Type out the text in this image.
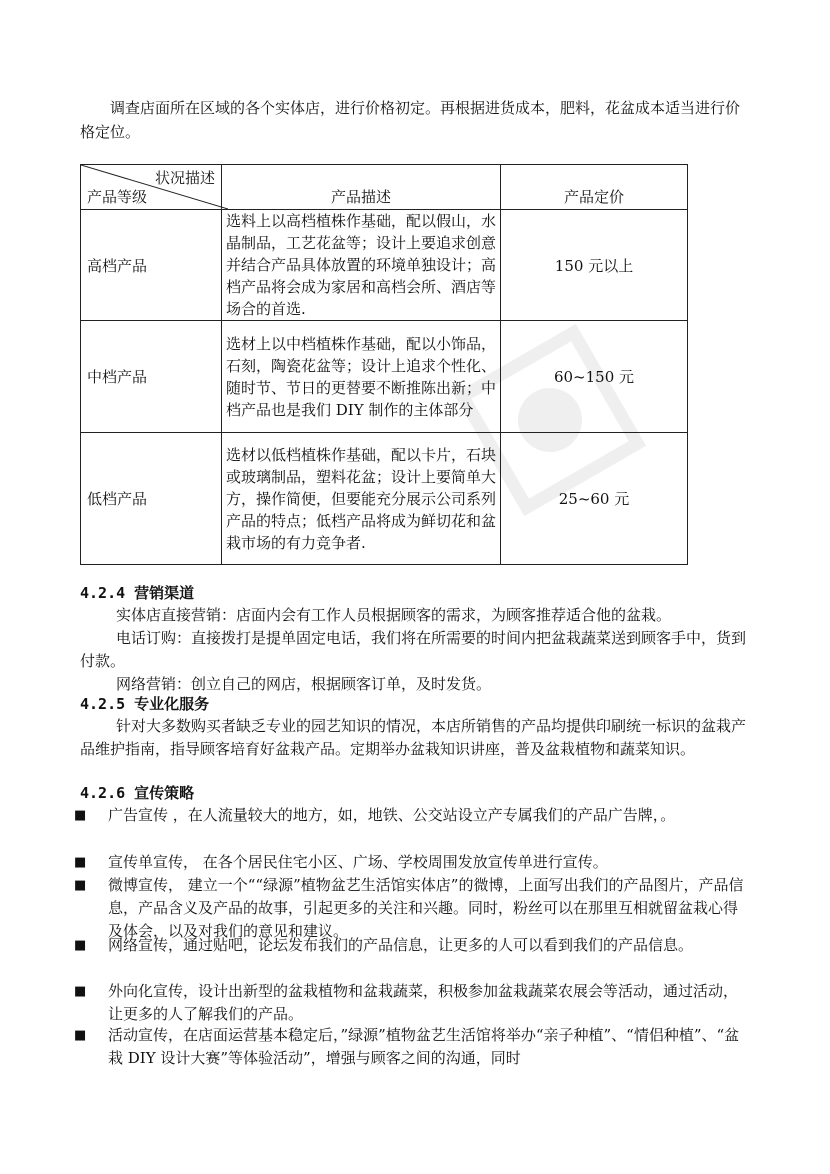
调查店面所在区域的各个实体店，进行价格初定。再根据进货成本，肥料，花盆成本适当进行价格定位。

状况描述
产品等级	产品描述	产品定价
高档产品	选料上以高档植株作基础，配以假山，水晶制品，工艺花盆等；设计上要追求创意并结合产品具体放置的环境单独设计；高档产品将会成为家居和高档会所、酒店等场合的首选.	150 元以上
中档产品	选材上以中档植株作基础，配以小饰品，石刻，陶瓷花盆等；设计上追求个性化、随时节、节日的更替要不断推陈出新；中档产品也是我们 DIY 制作的主体部分	60~150 元
低档产品	选材以低档植株作基础，配以卡片，石块或玻璃制品，塑料花盆；设计上要简单大方，操作简便，但要能充分展示公司系列产品的特点；低档产品将成为鲜切花和盆栽市场的有力竞争者.	25~60 元
4.2.4 营销渠道

实体店直接营销：店面内会有工作人员根据顾客的需求，为顾客推荐适合他的盆栽。

电话订购：直接拨打是提单固定电话，我们将在所需要的时间内把盆栽蔬菜送到顾客手中，货到付款。

网络营销：创立自己的网店，根据顾客订单，及时发货。

4.2.5 专业化服务

针对大多数购买者缺乏专业的园艺知识的情况，本店所销售的产品均提供印刷统一标识的盆栽产品维护指南，指导顾客培育好盆栽产品。定期举办盆栽知识讲座，普及盆栽植物和蔬菜知识。

4.2.6 宣传策略
■ 广告宣传 ，在人流量较大的地方，如，地铁、公交站设立产专属我们的产品广告牌，。
■ 宣传单宣传， 在各个居民住宅小区、广场、学校周围发放宣传单进行宣传。
■ 微博宣传， 建立一个““绿源”植物盆艺生活馆实体店”的微博，上面写出我们的产品图片，产品信息，产品含义及产品的故事，引起更多的关注和兴趣。同时，粉丝可以在那里互相就留盆栽心得及体会，以及对我们的意见和建议。
■ 网络宣传，通过贴吧，论坛发布我们的产品信息，让更多的人可以看到我们的产品信息。
■ 外向化宣传，设计出新型的盆栽植物和盆栽蔬菜，积极参加盆栽蔬菜农展会等活动，通过活动，让更多的人了解我们的产品。
■ 活动宣传，在店面运营基本稳定后，”绿源”植物盆艺生活馆将举办“亲子种植”、“情侣种植”、“盆栽 DIY 设计大赛”等体验活动”，增强与顾客之间的沟通，同时
